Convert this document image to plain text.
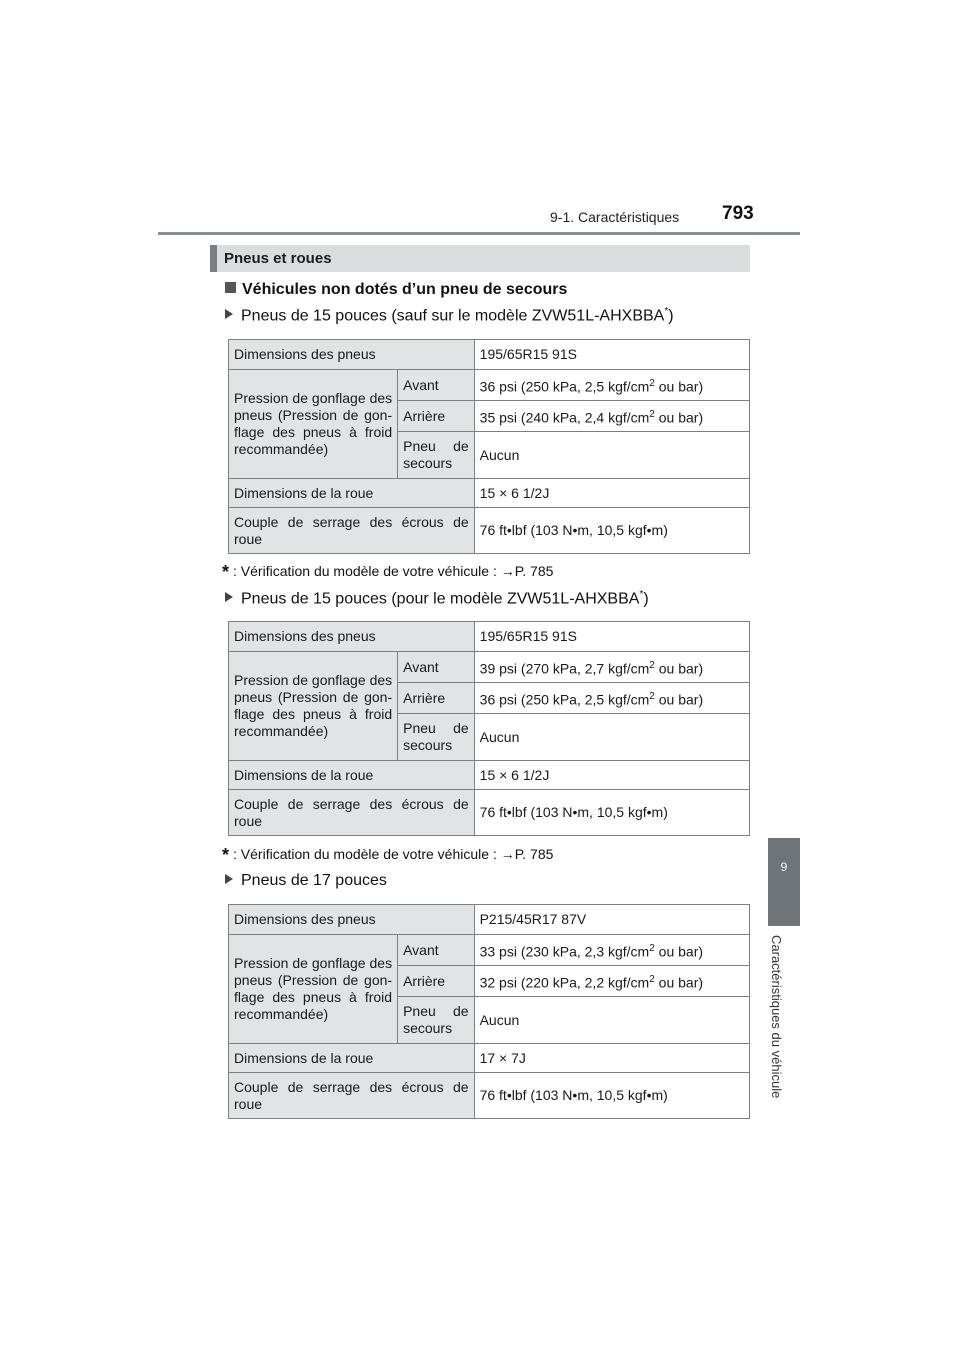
9-1. Caractéristiques 793
9
Caractéristiques du véhicule
Pneus et roues
Véhicules non dotés d’un pneu de secours
Pneus de 15 pouces (sauf sur le modèle ZVW51L-AHXBBA*)
Dimensions des pneus		195/65R15 91S
Pression de gonflage des pneus (Pression de gon-flage des pneus à froid recommandée)	Avant	36 psi (250 kPa, 2,5 kgf/$cm^2$ ou bar)
	Arrière	35 psi (240 kPa, 2,4 kgf/$cm^2$ ou bar)
	Pneu de secours	Aucun
Dimensions de la roue		15 × 6 1/2J
Couple de serrage des écrous de roue		76 ft•lbf (103 N•m, 10,5 kgf•m)
* : Vérification du modèle de votre véhicule : →P. 785
Pneus de 15 pouces (pour le modèle ZVW51L-AHXBBA*)
Dimensions des pneus		195/65R15 91S
Pression de gonflage des pneus (Pression de gon-flage des pneus à froid recommandée)	Avant	39 psi (270 kPa, 2,7 kgf/$cm^2$ ou bar)
	Arrière	36 psi (250 kPa, 2,5 kgf/$cm^2$ ou bar)
	Pneu de secours	Aucun
Dimensions de la roue		15 × 6 1/2J
Couple de serrage des écrous de roue		76 ft•lbf (103 N•m, 10,5 kgf•m)
* : Vérification du modèle de votre véhicule : →P. 785
Pneus de 17 pouces
Dimensions des pneus		P215/45R17 87V
Pression de gonflage des pneus (Pression de gon-flage des pneus à froid recommandée)	Avant	33 psi (230 kPa, 2,3 kgf/$cm^2$ ou bar)
	Arrière	32 psi (220 kPa, 2,2 kgf/$cm^2$ ou bar)
	Pneu de secours	Aucun
Dimensions de la roue		17 × 7J
Couple de serrage des écrous de roue		76 ft•lbf (103 N•m, 10,5 kgf•m)
